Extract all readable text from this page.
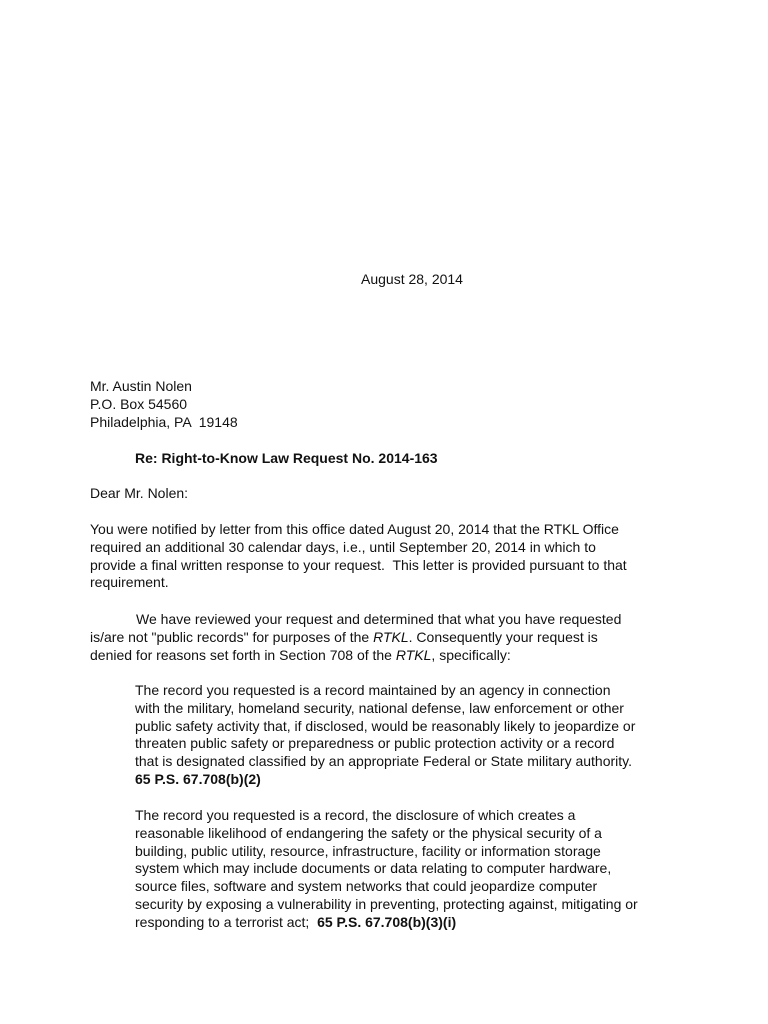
August 28, 2014
Mr. Austin Nolen
P.O. Box 54560
Philadelphia, PA  19148
Re: Right-to-Know Law Request No. 2014-163
Dear Mr. Nolen:
You were notified by letter from this office dated August 20, 2014 that the RTKL Office
required an additional 30 calendar days, i.e., until September 20, 2014 in which to
provide a final written response to your request.  This letter is provided pursuant to that
requirement.
We have reviewed your request and determined that what you have requested
is/are not "public records" for purposes of the RTKL. Consequently your request is
denied for reasons set forth in Section 708 of the RTKL, specifically:
The record you requested is a record maintained by an agency in connection
with the military, homeland security, national defense, law enforcement or other
public safety activity that, if disclosed, would be reasonably likely to jeopardize or
threaten public safety or preparedness or public protection activity or a record
that is designated classified by an appropriate Federal or State military authority.
65 P.S. 67.708(b)(2)
The record you requested is a record, the disclosure of which creates a
reasonable likelihood of endangering the safety or the physical security of a
building, public utility, resource, infrastructure, facility or information storage
system which may include documents or data relating to computer hardware,
source files, software and system networks that could jeopardize computer
security by exposing a vulnerability in preventing, protecting against, mitigating or
responding to a terrorist act;  65 P.S. 67.708(b)(3)(i)
